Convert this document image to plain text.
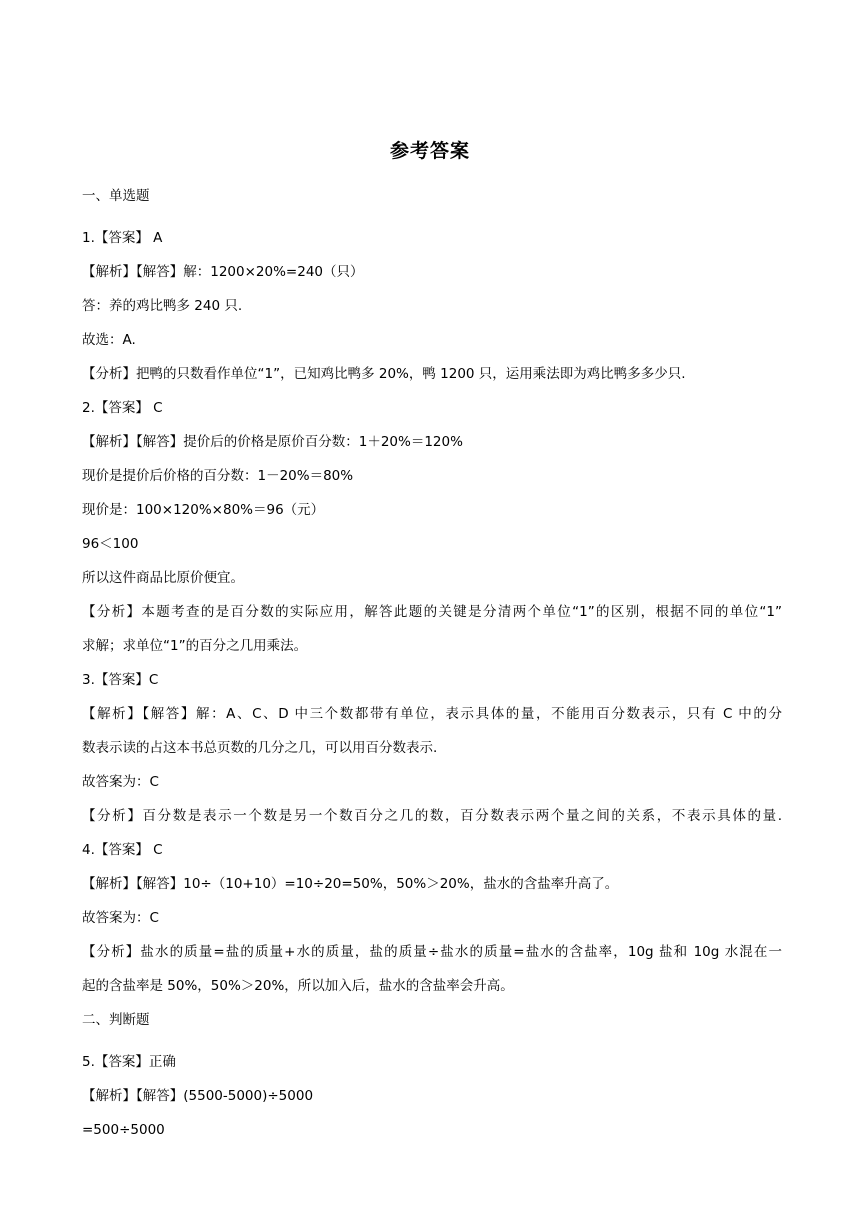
参考答案
一、单选题
1.【答案】 A
【解析】【解答】解：1200×20%=240（只）
答：养的鸡比鸭多 240 只.
故选：A.
【分析】把鸭的只数看作单位“1”，已知鸡比鸭多 20%，鸭 1200 只，运用乘法即为鸡比鸭多多少只.
2.【答案】 C
【解析】【解答】提价后的价格是原价百分数：1＋20%＝120%
现价是提价后价格的百分数：1－20%＝80%
现价是：100×120%×80%＝96（元）
96＜100
所以这件商品比原价便宜。
【分析】本题考查的是百分数的实际应用，解答此题的关键是分清两个单位“1”的区别，根据不同的单位“1”
求解；求单位“1”的百分之几用乘法。
3.【答案】C
【解析】【解答】解：A、C、D 中三个数都带有单位，表示具体的量，不能用百分数表示，只有 C 中的分
数表示读的占这本书总页数的几分之几，可以用百分数表示.
故答案为：C
【分析】百分数是表示一个数是另一个数百分之几的数，百分数表示两个量之间的关系，不表示具体的量.
4.【答案】 C
【解析】【解答】10÷（10+10）=10÷20=50%，50%＞20%，盐水的含盐率升高了。
故答案为：C
【分析】盐水的质量=盐的质量+水的质量，盐的质量÷盐水的质量=盐水的含盐率，10g 盐和 10g 水混在一
起的含盐率是 50%，50%＞20%，所以加入后，盐水的含盐率会升高。
二、判断题
5.【答案】正确
【解析】【解答】(5500-5000)÷5000
=500÷5000
